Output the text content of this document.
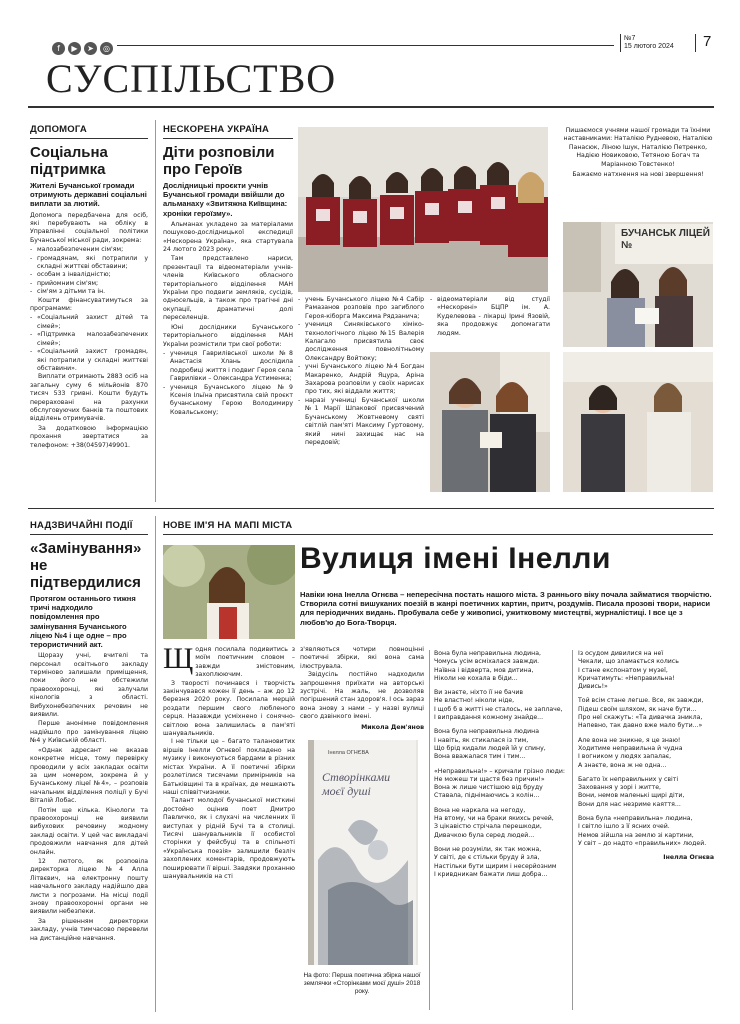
f ▶ ➤ ◎
№7
15 лютого 2024 7
СУСПІЛЬСТВО
ДОПОМОГА
Соціальна підтримка
Жителі Бучанської громади отримують державні соціальні виплати за лютий.

Допомога передбачена для осіб, які перебувають на обліку в Управлінні соціальної політики Бучанської міської ради, зокрема:

- малозабезпеченим сім'ям;
- громадянам, які потрапили у складні життєві обставини;
- особам з інвалідністю;
- прийомним сім'ям;
- сім'ям з дітьми та ін.

Кошти фінансуватимуться за програмами:

- «Соціальний захист дітей та сімей»;
- «Підтримка малозабезпечених сімей»;
- «Соціальний захист громадян, які потрапили у складні життєві обставини».

Виплати отримають 2883 осіб на загальну суму 6 мільйонів 870 тисяч 533 гривні. Кошти будуть перераховані на рахунки обслуговуючих банків та поштових відділень отримувачів.

За додатковою інформацією прохання звертатися за телефоном: +38(04597)49901.

НЕСКОРЕНА УКРАЇНА
Діти розповіли про Героїв
Дослідницькі проєкти учнів Бучанської громади ввійшли до альманаху «Звитяжна Київщина: хроніки героїзму».

Альманах укладено за матеріалами пошуково-дослідницької експедиції «Нескорена Україна», яка стартувала 24 лютого 2023 року.

Там представлено нариси, презентації та відеоматеріали учнів-членів Київського обласного територіального відділення МАН України про подвиги земляків, сусідів, односельців, а також про трагічні дні окупації, драматичні долі переселенців.

Юні дослідники Бучанського територіального відділення МАН України розмістили три свої роботи:

- учениця Гаврилівської школи №8 Анастасія Хлань дослідила подробиці життя і подвиг Героя села Гаврилівки – Олександра Устименка;
- учениця Бучанського ліцею №9 Ксенія Ільїна присвятила свій проєкт бучанському Герою Володимиру Ковальському;
- учень Бучанського ліцею №4 Сабір Рамазанов розповів про загиблого Героя-кіборга Максима Рядзанича;
- учениця Синяківського хіміко-технологічного ліцею №15 Валерія Калагало присвятила своє дослідження повнолітньому Олександру Войтюку;
- учні Бучанського ліцею №4 Богдан Макаренко, Андрій Яцура, Аріна Захарова розповіли у своїх нарисах про тих, які віддали життя;
- наразі учениці Бучанської школи №1 Марії Шпакової присвячений Бучанському Жовтневому святі світлій пам'яті Максиму Гуртовому, який нині захищає нас на передовій;
- відеоматеріали від студії «Нескорені» БЦПР ім. А. Куделевова - лікарці Ірині Язовій, яка продовжує допомагати людям.

Пишаємося учнями нашої громади та їхніми наставниками: Наталією Рудневою, Наталією Панасюк, Ліною Ішук, Наталією Петренко, Надією Новиковою, Тетяною Богач та Маріанною Товстенко!

Бажаємо натхнення на нові звершення!

БУЧАНСЬК ЛІЦЕЙ №
НАДЗВИЧАЙНІ ПОДІЇ
«Замінування» не підтвердилися
Протягом останнього тижня тричі надходило повідомлення про замінування Бучанського ліцею №4 і ще одне – про терористичний акт.

Щоразу учні, вчителі та персонал освітнього закладу терміново залишали приміщення, поки його не обстежили правоохоронці, які залучали кінологів з області. Вибухонебезпечних речовин не виявили.

Перше анонімне повідомлення надійшло про замінування ліцею №4 у Київській області.

«Однак адресант не вказав конкретне місце, тому перевірку проводили у всіх закладах освіти за цим номером, зокрема й у Бучанському ліцеї №4», – розповів начальник відділення поліції у Бучі Віталій Лобас.

Потім ще кілька. Кінологи та правоохоронці не виявили вибухових речовину жодному закладі освіти. У цей час викладачі продовжили навчання для дітей онлайн.

12 лютого, як розповіла директорка ліцею №4 Алла Літвєвич, на електронну пошту навчального закладу надійшло два листи з погрозами. На місці події знову правоохоронні органи не виявили небезпеки.

За рішенням директорки закладу, учнів тимчасово перевели на дистанційне навчання.

НОВЕ ІМ'Я НА МАПІ МІСТА
Вулиця імені Інелли
Навіки юна Інелла Огнєва – непересічна постать нашого міста. З раннього віку почала займатися творчістю. Створила сотні вишуканих поезій в жанрі поетичних картин, притч, роздумів. Писала прозові твори, нариси для періодичних видань. Пробувала себе у живописі, ужитковому мистецтві, журналістиці. І все це з любов'ю до Бога-Творця.

Щодня посилала подивитись з моїм поетичним словом – завжди змістовним, захоплюючим.

З творості починався і творчість закінчувався кожен її день – аж до 12 березня 2020 року. Посилала мерцій роздати першим свого любленого серця. Назавжди усміхнено і сонячно-світлою вона залишилась в пам'яті шанувальників.

І не тільки це – багато талановитих віршів Інелли Огнєвої покладено на музику і виконуються бардами в різних містах України. А її поетичні збірки розлетілися тисячами примірників на Батьківщині та в країнах, де мешкають наші співвітчизники.

Талант молодої бучанської мисткині достойно оцінив поет Дмитро Павличко, як і слухачі на численних її виступах у рідній Бучі та в столиці. Тисячі шанувальників її особистої сторінки у фейсбуці та в спільноті «Українська поезія» залишили безліч захоплених коментарів, продовжують поширювати її вірші. Завдяки проханню шанувальників на сті

з'являються чотири повноцінні поетичні збірки, які вона сама ілюструвала.

Звідусіль постійно надходили запрошення приїхати на авторські зустрічі. На жаль, не дозволяв погіршений стан здоров'я. І ось зараз вона знову з нами – у назві вулиці свого дзвінкого імені.

Микола Дем'янов

Інелла ОГНЄВА
Створінками моєї душі
На фото: Перша поетична збірка нашої землячки «Сторінками моєї душі» 2018 року.

Вона була неправильна людина,
Чомусь усім всміхалася завжди.
Наївна і відверта, мов дитина,
Ніколи не кохала в біди...

Ви знаєте, ніхто її не бачив
Не властно! ніколи ніде,
І щоб б в житті не сталось, не заплаче,
І виправдання кожному знайде...

Вона була неправильна людина
І навіть, як стикалася із тим,
Що брід кидали людей їй у спину,
Вона вважалася тим і тим...

«Неправильна!» – кричали грізно люди:
Не можеш ти щастя без причин!»
Вона ж лише чистішою від бруду
Ставала, піднімаючись з колін...

Вона не наркала на негоду,
На втому, чи на браки якихсь речей,
З цікавістю стрічала перешкоди,
Дивачкою була серед людей...

Вони не розуміли, як так можна,
У світі, де є стільки бруду й зла,
Настільки бути щирим і несерйозним
І кривдникам бажати лиш добра...

Із осудом дивилися на неї
Чекали, що зламається колись
І стане експонатом у музеї,
Кричатимуть: «Неправильна!
Дивись!»

Той всім стане легше. Все, як завжди,
Підеш своїм шляхом, як наче бути...
Про неї скажуть: «Та дивачка зникла,
Напевно, так давно вже мало бути...»

Але вона не зникне, я це знаю!
Ходитиме неправильна й чудна
І вогником у людях запалає,
А знаєте, вона ж не одна...

Багато їх неправильних у світі
Заховання у зорі і житте,
Вони, немов маленькі щирі діти,
Вони для нас незриме каяття...

Вона була «неправильна» людина,
І світло ішло з її ясних очей.
Немов зійшла на землю зі картини,
У світ – до надто «правильних» людей.

Інелла Огнєва
